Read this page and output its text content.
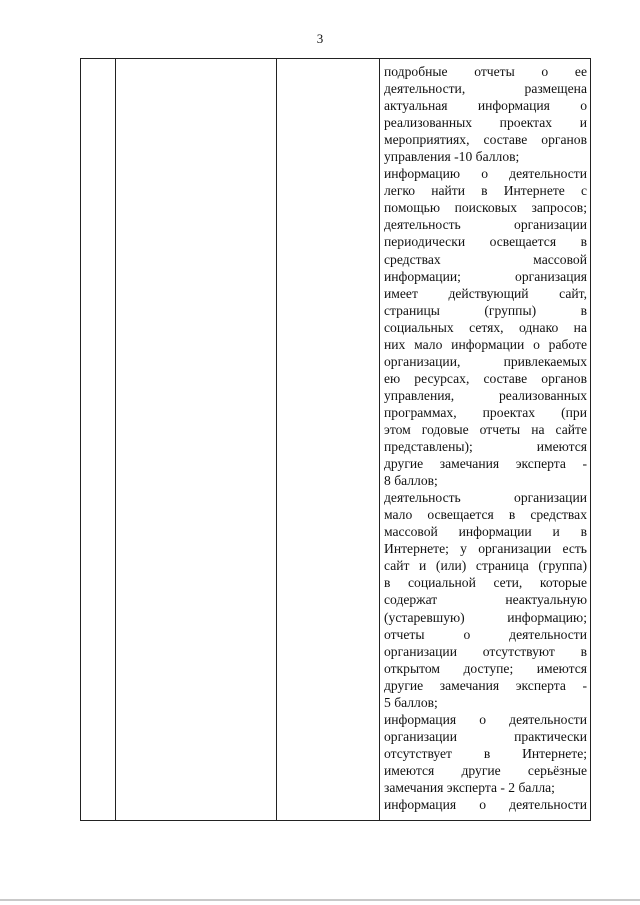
3
подробные отчеты о ее
деятельности, размещена
актуальная информация о
реализованных проектах и
мероприятиях, составе органов
управления -10 баллов;
информацию о деятельности
легко найти в Интернете с
помощью поисковых запросов;
деятельность организации
периодически освещается в
средствах массовой
информации; организация
имеет действующий сайт,
страницы (группы) в
социальных сетях, однако на
них мало информации о работе
организации, привлекаемых
ею ресурсах, составе органов
управления, реализованных
программах, проектах (при
этом годовые отчеты на сайте
представлены); имеются
другие замечания эксперта -
8 баллов;
деятельность организации
мало освещается в средствах
массовой информации и в
Интернете; у организации есть
сайт и (или) страница (группа)
в социальной сети, которые
содержат неактуальную
(устаревшую) информацию;
отчеты о деятельности
организации отсутствуют в
открытом доступе; имеются
другие замечания эксперта -
5 баллов;
информация о деятельности
организации практически
отсутствует в Интернете;
имеются другие серьёзные
замечания эксперта - 2 балла;
информация о деятельности
